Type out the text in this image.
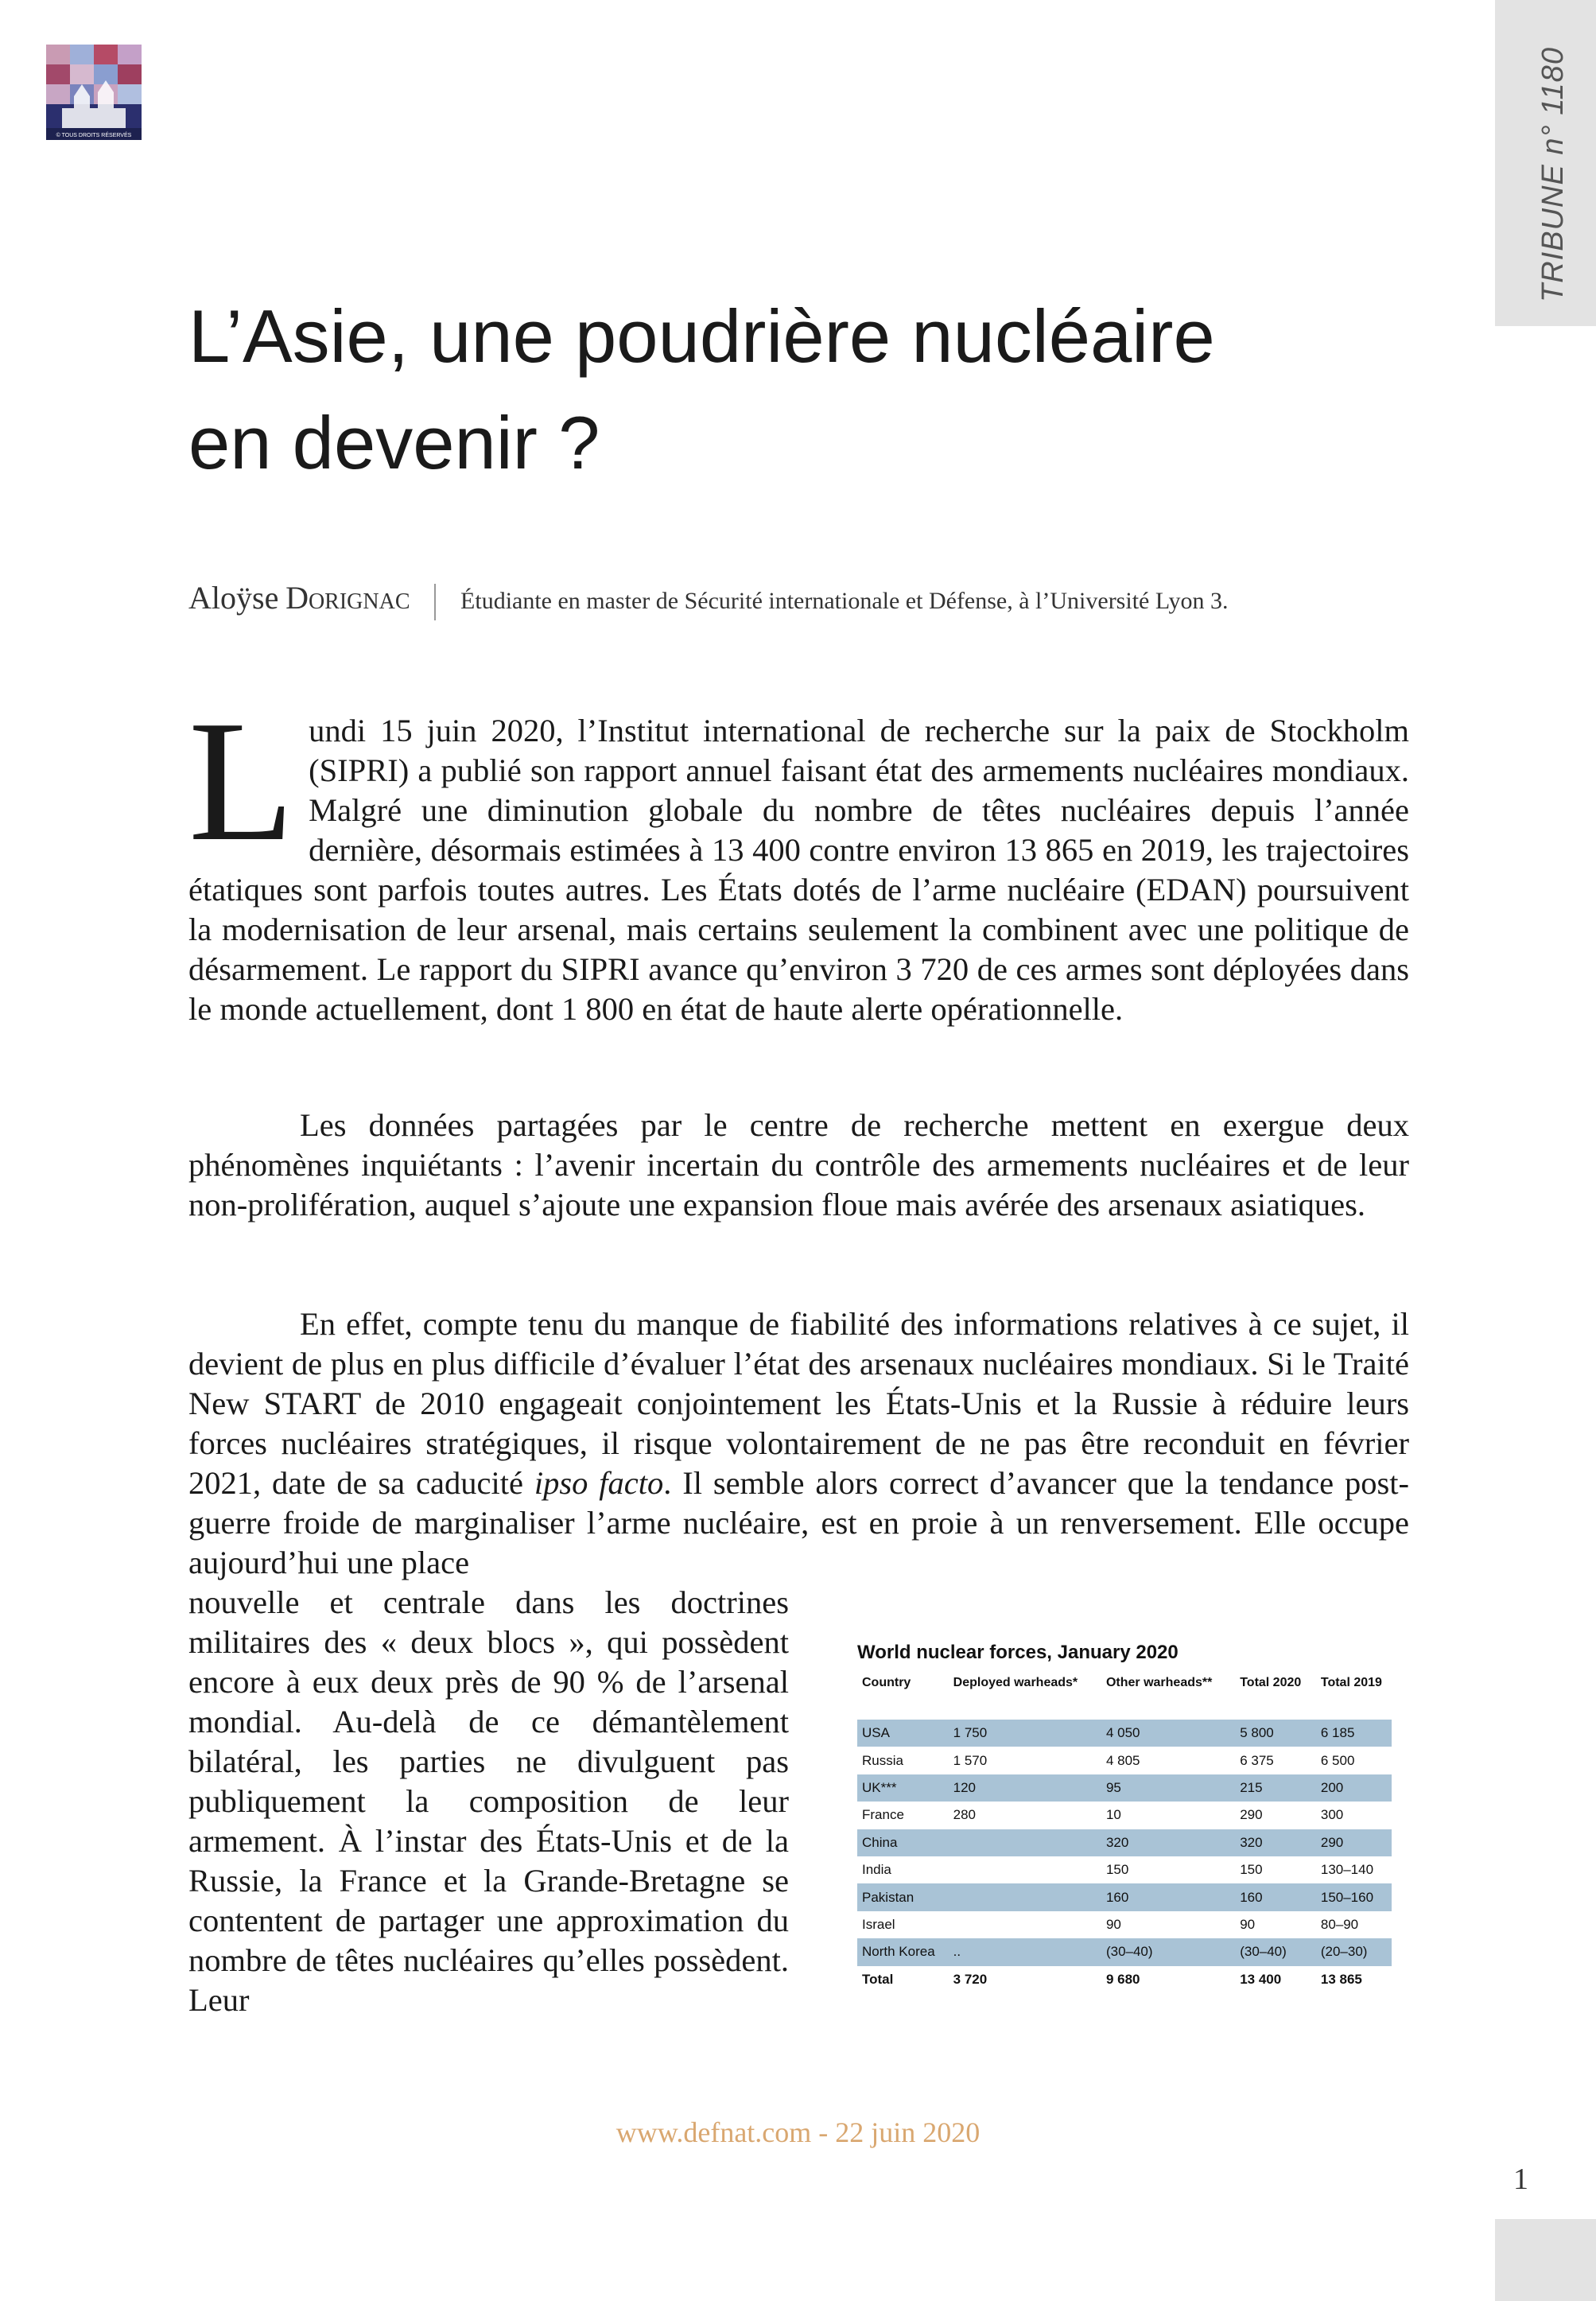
© TOUS DROITS RÉSERVÉS	TRIBUNE n° 1180
L’Asie, une poudrière nucléaire
en devenir ?
Aloÿse Dorignac Étudiante en master de Sécurité internationale et Défense, à l’Université Lyon 3.

L undi 15 juin 2020, l’Institut international de recherche sur la paix de Stockholm (SIPRI) a publié son rapport annuel faisant état des armements nucléaires mondiaux. Malgré une diminution globale du nombre de têtes nucléaires depuis l’année dernière, désormais estimées à 13 400 contre environ 13 865 en 2019, les trajectoires étatiques sont parfois toutes autres. Les États dotés de l’arme nucléaire (EDAN) poursuivent la modernisation de leur arsenal, mais certains seulement la combinent avec une politique de désarmement. Le rapport du SIPRI avance qu’environ 3 720 de ces armes sont déployées dans le monde actuellement, dont 1 800 en état de haute alerte opérationnelle.

Les données partagées par le centre de recherche mettent en exergue deux phénomènes inquiétants : l’avenir incertain du contrôle des armements nucléaires et de leur non-prolifération, auquel s’ajoute une expansion floue mais avérée des arsenaux asiatiques.

En effet, compte tenu du manque de fiabilité des informations relatives à ce sujet, il devient de plus en plus difficile d’évaluer l’état des arsenaux nucléaires mondiaux. Si le Traité New START de 2010 engageait conjointement les États-Unis et la Russie à réduire leurs forces nucléaires stratégiques, il risque volontairement de ne pas être reconduit en février 2021, date de sa caducité ipso facto. Il semble alors correct d’avancer que la tendance post-guerre froide de marginaliser l’arme nucléaire, est en proie à un renversement. Elle occupe aujourd’hui une place

nouvelle et centrale dans les doctrines militaires des « deux blocs », qui possèdent encore à eux deux près de 90 % de l’arsenal mondial. Au-delà de ce démantèlement bilatéral, les parties ne divulguent pas publiquement la composition de leur armement. À l’instar des États-Unis et de la Russie, la France et la Grande-Bretagne se contentent de partager une approximation du nombre de têtes nucléaires qu’elles possèdent. Leur

World nuclear forces, January 2020
Country	Deployed warheads*	Other warheads**	Total 2020	Total 2019
USA	1 750	4 050	5 800	6 185
Russia	1 570	4 805	6 375	6 500
UK***	120	95	215	200
France	280	10	290	300
China		320	320	290
India		150	150	130–140
Pakistan		160	160	150–160
Israel		90	90	80–90
North Korea	..	(30–40)	(30–40)	(20–30)
Total	3 720	9 680	13 400	13 865
www.defnat.com - 22 juin 2020
1
